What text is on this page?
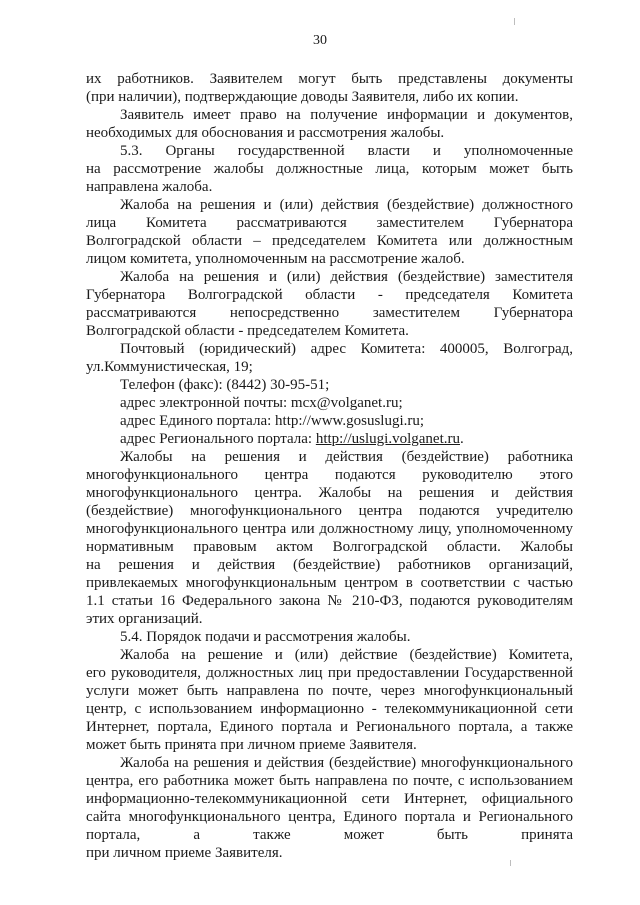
30
их работников. Заявителем могут быть представлены документы
(при наличии), подтверждающие доводы Заявителя, либо их копии.
Заявитель имеет право на получение информации и документов,
необходимых для обоснования и рассмотрения жалобы.
5.3. Органы государственной власти и уполномоченные
на рассмотрение жалобы должностные лица, которым может быть
направлена жалоба.
Жалоба на решения и (или) действия (бездействие) должностного
лица Комитета рассматриваются заместителем Губернатора
Волгоградской области – председателем Комитета или должностным
лицом комитета, уполномоченным на рассмотрение жалоб.
Жалоба на решения и (или) действия (бездействие) заместителя
Губернатора Волгоградской области - председателя Комитета
рассматриваются непосредственно заместителем Губернатора
Волгоградской области - председателем Комитета.
Почтовый (юридический) адрес Комитета: 400005, Волгоград,
ул.Коммунистическая, 19;
Телефон (факс): (8442) 30-95-51;
адрес электронной почты: mcx@volganet.ru;
адрес Единого портала: http://www.gosuslugi.ru;
адрес Регионального портала: http://uslugi.volganet.ru.
Жалобы на решения и действия (бездействие) работника
многофункционального центра подаются руководителю этого
многофункционального центра. Жалобы на решения и действия
(бездействие) многофункционального центра подаются учредителю
многофункционального центра или должностному лицу, уполномоченному
нормативным правовым актом Волгоградской области. Жалобы
на решения и действия (бездействие) работников организаций,
привлекаемых многофункциональным центром в соответствии с частью
1.1 статьи 16 Федерального закона № 210-ФЗ, подаются руководителям
этих организаций.
5.4. Порядок подачи и рассмотрения жалобы.
Жалоба на решение и (или) действие (бездействие) Комитета,
его руководителя, должностных лиц при предоставлении Государственной
услуги может быть направлена по почте, через многофункциональный
центр, с использованием информационно - телекоммуникационной сети
Интернет, портала, Единого портала и Регионального портала, а также
может быть принята при личном приеме Заявителя.
Жалоба на решения и действия (бездействие) многофункционального
центра, его работника может быть направлена по почте, с использованием
информационно-телекоммуникационной сети Интернет, официального
сайта многофункционального центра, Единого портала и Регионального
портала, а также может быть принята
при личном приеме Заявителя.
